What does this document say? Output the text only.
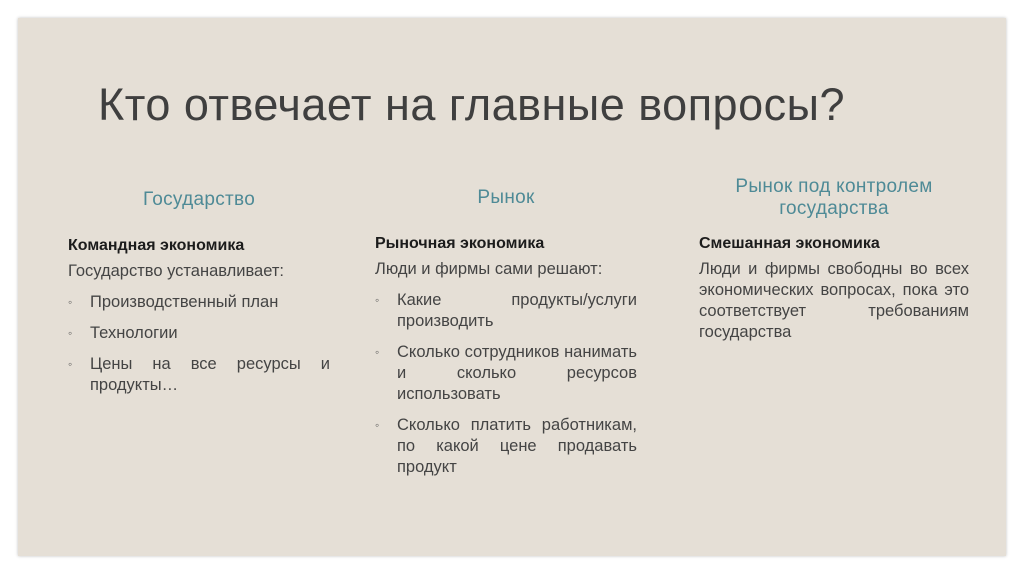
Кто отвечает на главные вопросы?
Государство
Командная экономика
Государство устанавливает:
◦ Производственный план
◦ Технологии
◦ Цены на все ресурсы и продукты…
Рынок
Рыночная экономика
Люди и фирмы сами решают:
◦ Какие продукты/услуги производить
◦ Сколько сотрудников нанимать и сколько ресурсов использовать
◦ Сколько платить работникам, по какой цене продавать продукт
Рынок под контролем государства
Смешанная экономика
Люди и фирмы свободны во всех экономических вопросах, пока это соответствует требованиям государства
